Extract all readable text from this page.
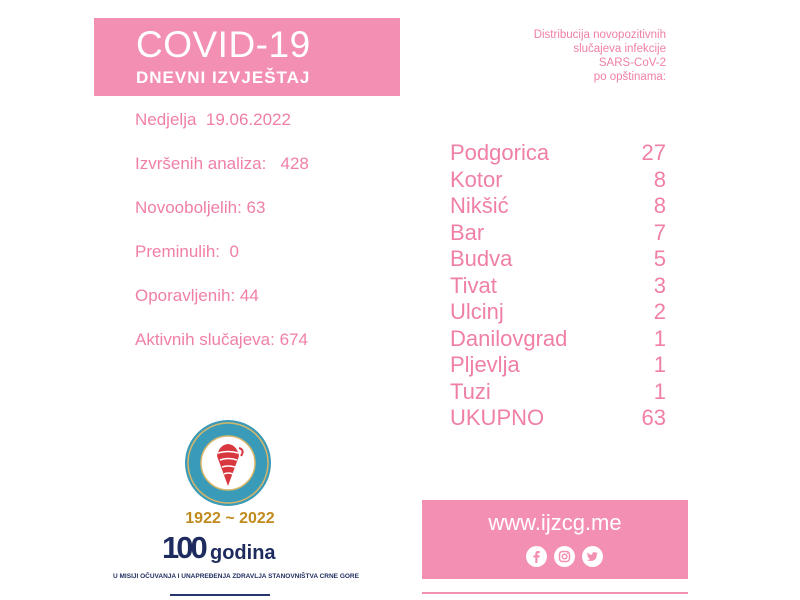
COVID-19
DNEVNI IZVJEŠTAJ
Distribucija novopozitivnih
slučajeva infekcije
SARS-CoV-2
po opštinama:
Nedjelja  19.06.2022
Izvršenih analiza:   428
Novooboljelih: 63
Preminulih:  0
Oporavljenih: 44
Aktivnih slučajeva: 674
Podgorica	27
Kotor	8
Nikšić	8
Bar	7
Budva	5
Tivat	3
Ulcinj	2
Danilovgrad	1
Pljevlja	1
Tuzi	1
UKUPNO	63
1922 ~ 2022
100 godina
U MISIJI OČUVANJA I UNAPREĐENJA ZDRAVLJA STANOVNIŠTVA CRNE GORE
www.ijzcg.me
